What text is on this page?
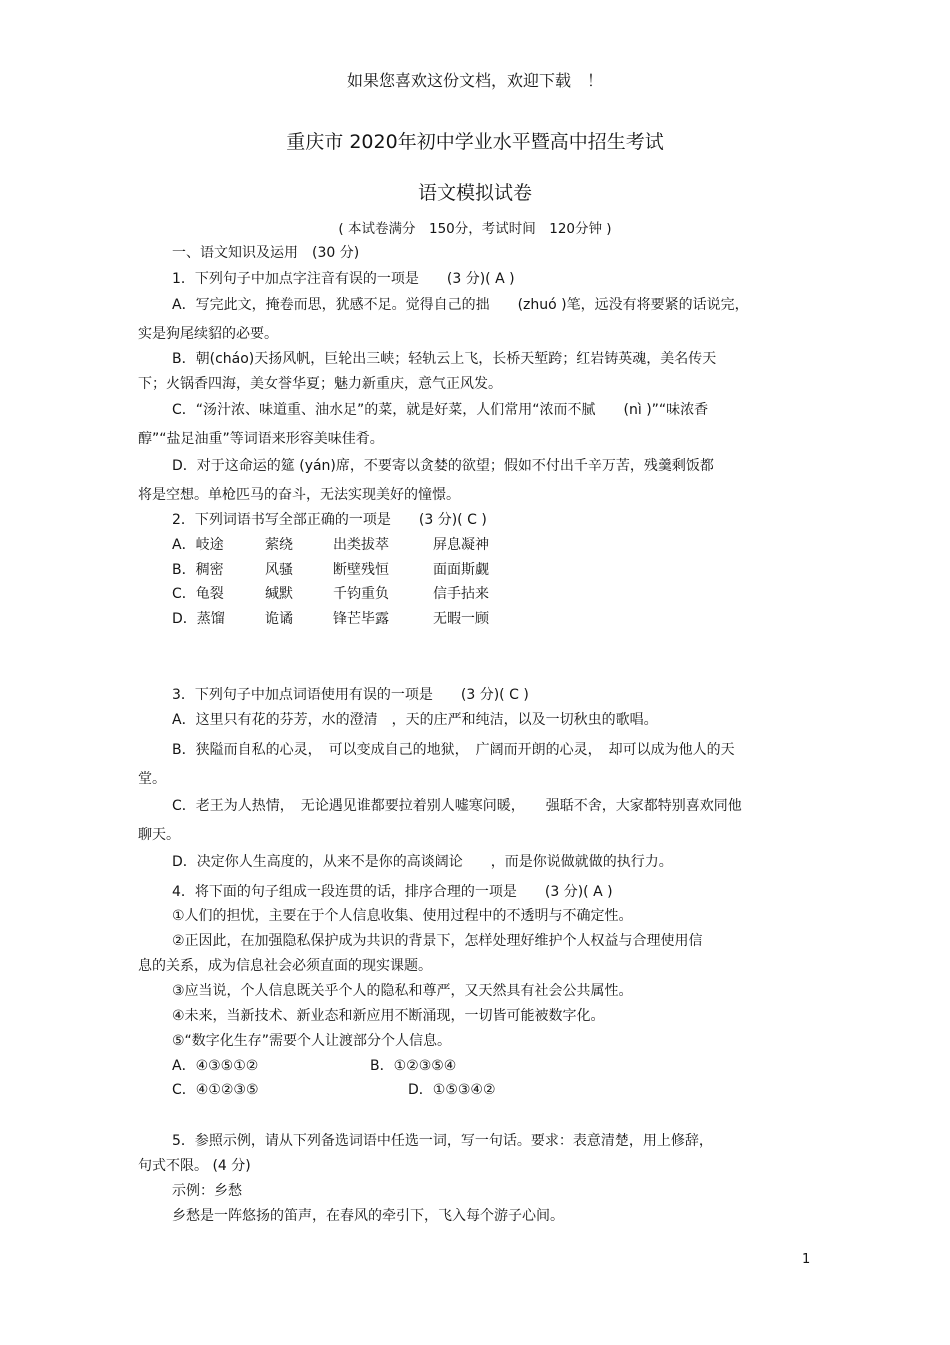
如果您喜欢这份文档，欢迎下载　！
重庆市 2020年初中学业水平暨高中招生考试
语文模拟试卷
( 本试卷满分　150分，考试时间　120分钟 )
一、语文知识及运用　(30 分)
1．下列句子中加点字注音有误的一项是　　(3 分)( A )
A．写完此文，掩卷而思，犹感不足。觉得自己的拙　　(zhuó )笔，远没有将要紧的话说完，
实是狗尾续貂的必要。
B．朝(cháo)天扬风帆，巨轮出三峡；轻轨云上飞，长桥天堑跨；红岩铸英魂，美名传天
下；火锅香四海，美女誉华夏；魅力新重庆，意气正风发。
C．“汤汁浓、味道重、油水足”的菜，就是好菜，人们常用“浓而不腻　　(nì )”“味浓香
醇”“盐足油重”等词语来形容美味佳肴。
D．对于这命运的筵 (yán)席，不要寄以贪婪的欲望；假如不付出千辛万苦，残羹剩饭都
将是空想。单枪匹马的奋斗，无法实现美好的憧憬。
2．下列词语书写全部正确的一项是　　(3 分)( C )
A．岐途	萦绕	出类拔萃	屏息凝神
B．稠密	风骚	断壁残恒	面面斯觑
C．龟裂	缄默	千钧重负	信手拈来
D．蒸馏	诡谲	锋芒毕露	无暇一顾
3．下列句子中加点词语使用有误的一项是　　(3 分)( C )
A．这里只有花的芬芳，水的澄清　，天的庄严和纯洁，以及一切秋虫的歌唱。
B．狭隘而自私的心灵，　可以变成自己的地狱，　广阔而开朗的心灵，　却可以成为他人的天
堂。
C．老王为人热情，　无论遇见谁都要拉着别人嘘寒问暖，　　强聒不舍，大家都特别喜欢同他
聊天。
D．决定你人生高度的，从来不是你的高谈阔论　　，而是你说做就做的执行力。
4．将下面的句子组成一段连贯的话，排序合理的一项是　　(3 分)( A )
①人们的担忧，主要在于个人信息收集、使用过程中的不透明与不确定性。
②正因此，在加强隐私保护成为共识的背景下，怎样处理好维护个人权益与合理使用信
息的关系，成为信息社会必须直面的现实课题。
③应当说，个人信息既关乎个人的隐私和尊严，又天然具有社会公共属性。
④未来，当新技术、新业态和新应用不断涌现，一切皆可能被数字化。
⑤“数字化生存”需要个人让渡部分个人信息。
A．④③⑤①②	B．①②③⑤④
C．④①②③⑤	D．①⑤③④②
5．参照示例，请从下列备选词语中任选一词，写一句话。要求：表意清楚，用上修辞，
句式不限。 (4 分)
示例：乡愁
乡愁是一阵悠扬的笛声，在春风的牵引下，飞入每个游子心间。
1
